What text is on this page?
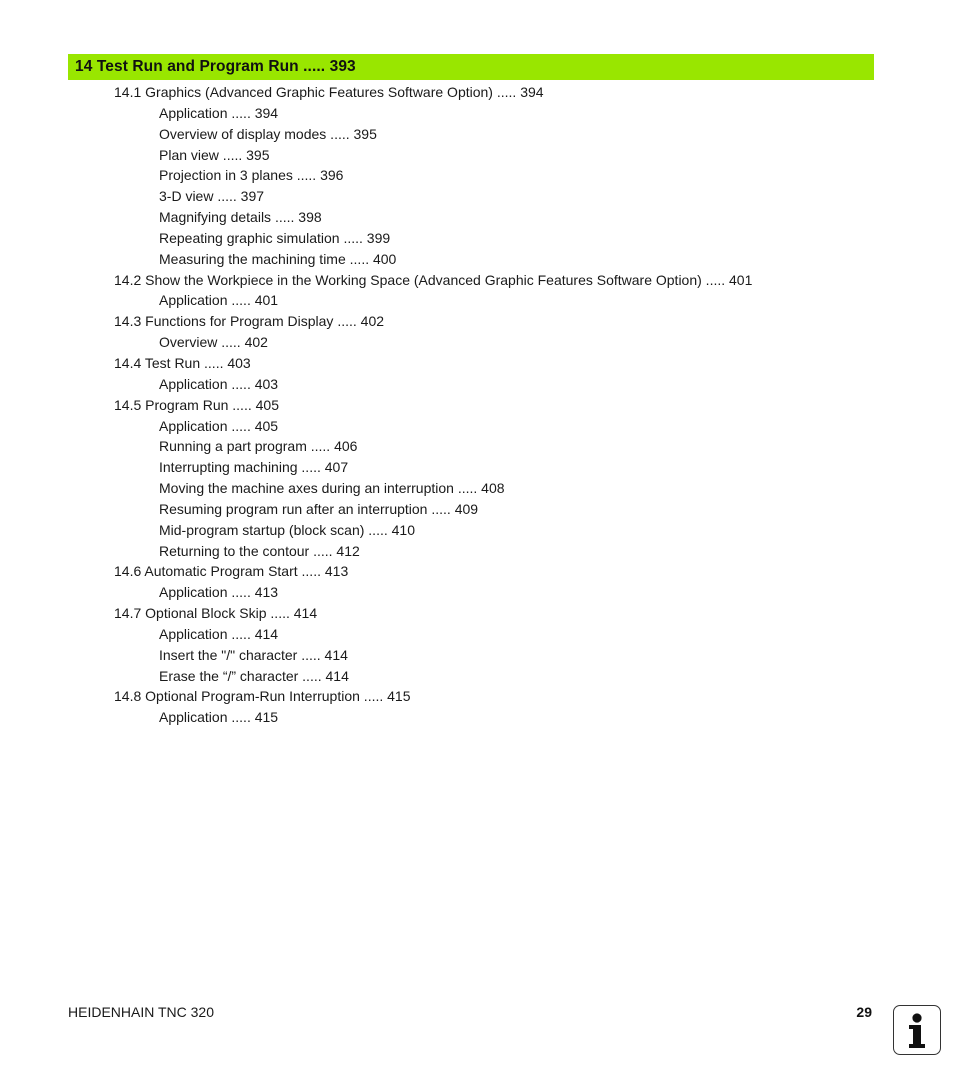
14 Test Run and Program Run ..... 393
14.1 Graphics (Advanced Graphic Features Software Option) ..... 394
Application ..... 394
Overview of display modes ..... 395
Plan view ..... 395
Projection in 3 planes ..... 396
3-D view ..... 397
Magnifying details ..... 398
Repeating graphic simulation ..... 399
Measuring the machining time ..... 400
14.2 Show the Workpiece in the Working Space (Advanced Graphic Features Software Option) ..... 401
Application ..... 401
14.3 Functions for Program Display ..... 402
Overview ..... 402
14.4 Test Run ..... 403
Application ..... 403
14.5 Program Run ..... 405
Application ..... 405
Running a part program ..... 406
Interrupting machining ..... 407
Moving the machine axes during an interruption ..... 408
Resuming program run after an interruption ..... 409
Mid-program startup (block scan) ..... 410
Returning to the contour ..... 412
14.6 Automatic Program Start ..... 413
Application ..... 413
14.7 Optional Block Skip ..... 414
Application ..... 414
Insert the "/" character ..... 414
Erase the “/” character ..... 414
14.8 Optional Program-Run Interruption ..... 415
Application ..... 415
HEIDENHAIN TNC 320	29
